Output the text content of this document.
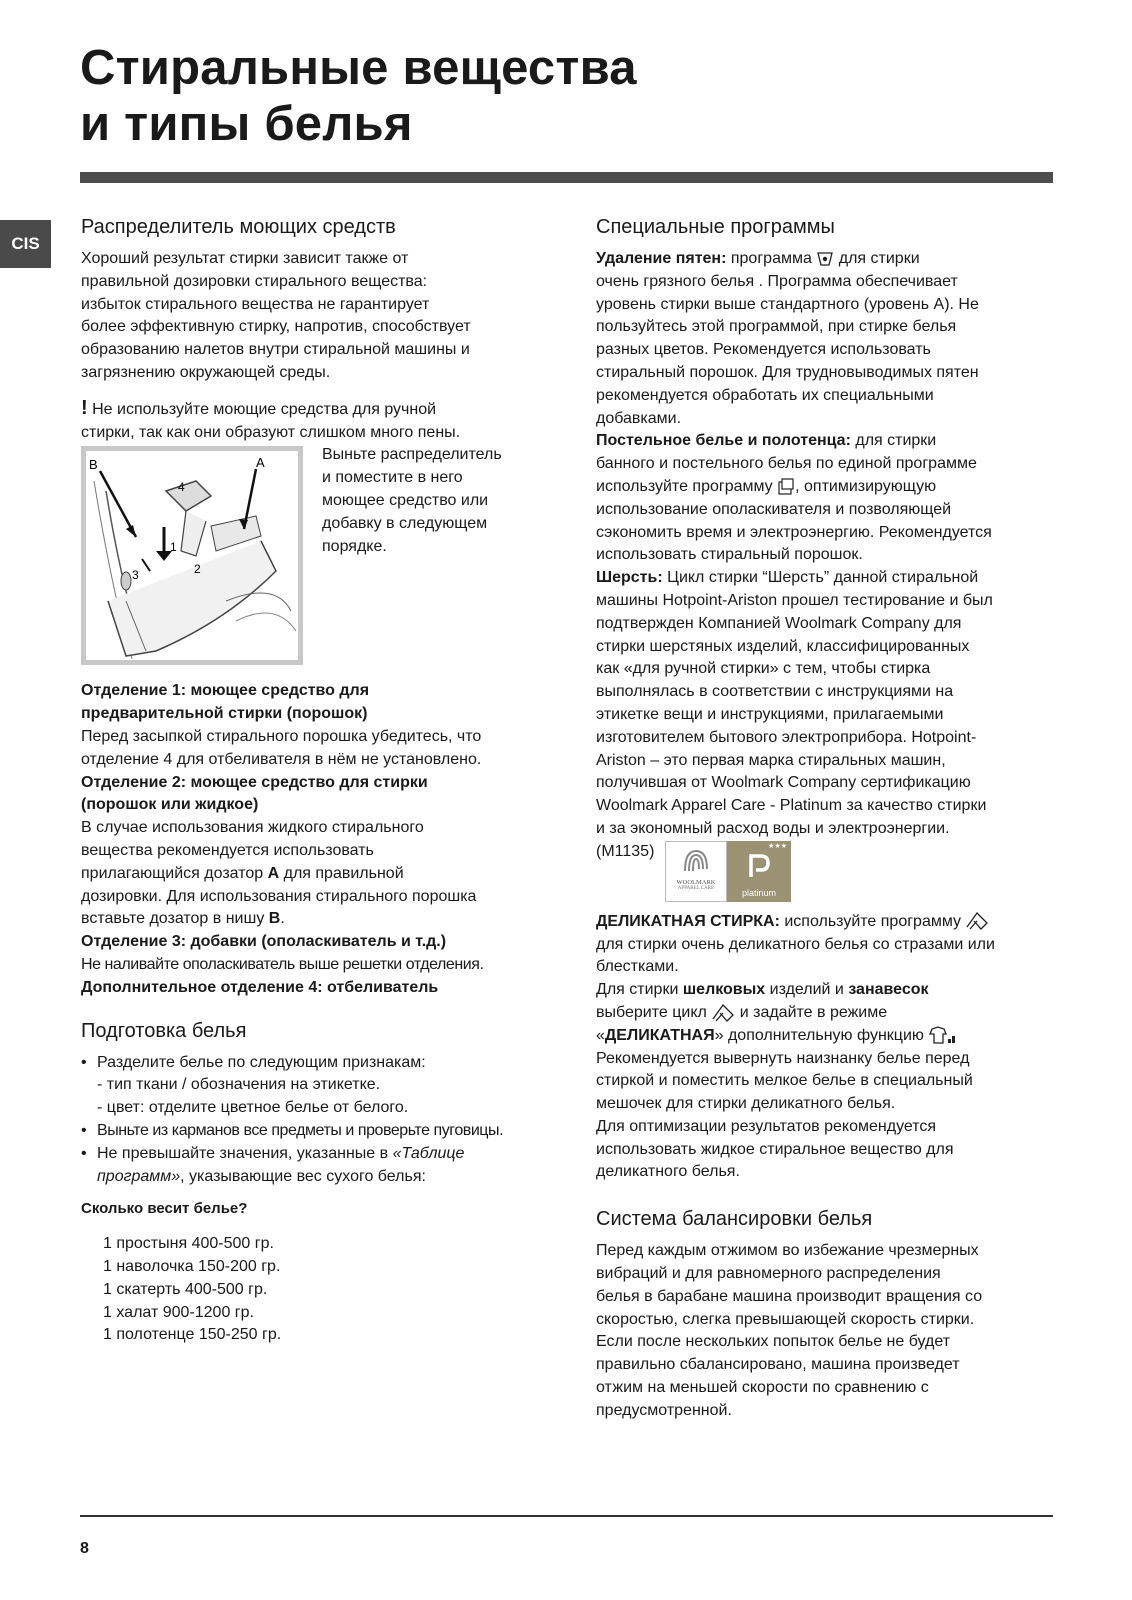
Стиральные вещества
и типы белья
CIS
Распределитель моющих средств
Хороший результат стирки зависит также от
правильной дозировки стирального вещества:
избыток стирального вещества не гарантирует
более эффективную стирку, напротив, способствует
образованию налетов внутри стиральной машины и
загрязнению окружающей среды.
! Не используйте моющие средства для ручной
стирки, так как они образуют слишком много пены.
B	A
4
1
2
3
Выньте распределитель
и поместите в него
моющее средство или
добавку в следующем
порядке.
Отделение 1: моющее средство для
предварительной стирки (порошок)
Перед засыпкой стирального порошка убедитесь, что
отделение 4 для отбеливателя в нём не установлено.
Отделение 2: моющее средство для стирки
(порошок или жидкое)
В случае использования жидкого стирального
вещества рекомендуется использовать
прилагающийся дозатор A для правильной
дозировки. Для использования стирального порошка
вставьте дозатор в нишу B.
Отделение 3: добавки (ополаскиватель и т.д.)
Не наливайте ополаскиватель выше решетки отделения.
Дополнительное отделение 4: отбеливатель
Подготовка белья
• Разделите белье по следующим признакам:
- тип ткани / обозначения на этикетке.
- цвет: отделите цветное белье от белого.
• Выньте из карманов все предметы и проверьте пуговицы.
• Не превышайте значения, указанные в «Таблице
программ», указывающие вес сухого белья:
Сколько весит белье?
1 простыня 400-500 гр.
1 наволочка 150-200 гр.
1 скатерть 400-500 гр.
1 халат 900-1200 гр.
1 полотенце 150-250 гр.
Специальные программы
Удаление пятен: программа  для стирки
очень грязного белья . Программа обеспечивает
уровень стирки выше стандартного (уровень А). Не
пользуйтесь этой программой, при стирке белья
разных цветов. Рекомендуется использовать
стиральный порошок. Для трудновыводимых пятен
рекомендуется обработать их специальными
добавками.
Постельное белье и полотенца: для стирки
банного и постельного белья по единой программе
используйте программу , оптимизирующую
использование ополаскивателя и позволяющей
сэкономить время и электроэнергию. Рекомендуется
использовать стиральный порошок.
Шерсть: Цикл стирки “Шерсть” данной стиральной
машины Hotpoint-Ariston прошел тестирование и был
подтвержден Компанией Woolmark Company для
стирки шерстяных изделий, классифицированных
как «для ручной стирки» с тем, чтобы стирка
выполнялась в соответствии с инструкциями на
этикетке вещи и инструкциями, прилагаемыми
изготовителем бытового электроприбора. Hotpoint-
Ariston – это первая марка стиральных машин,
получившая от Woolmark Company сертификацию
Woolmark Apparel Care - Platinum за качество стирки
и за экономный расход воды и электроэнергии.
(M1135)
WOOLMARK
APPAREL CARE
★★★
platinum
ДЕЛИКАТНАЯ СТИРКА: используйте программу
для стирки очень деликатного белья со стразами или
блестками.
Для стирки шелковых изделий и занавесок
выберите цикл  и задайте в режиме
«ДЕЛИКАТНАЯ» дополнительную функцию
Рекомендуется вывернуть наизнанку белье перед
стиркой и поместить мелкое белье в специальный
мешочек для стирки деликатного белья.
Для оптимизации результатов рекомендуется
использовать жидкое стиральное вещество для
деликатного белья.
Система балансировки белья
Перед каждым отжимом во избежание чрезмерных
вибраций и для равномерного распределения
белья в барабане машина производит вращения со
скоростью, слегка превышающей скорость стирки.
Если после нескольких попыток белье не будет
правильно сбалансировано, машина произведет
отжим на меньшей скорости по сравнению с
предусмотренной.
8
